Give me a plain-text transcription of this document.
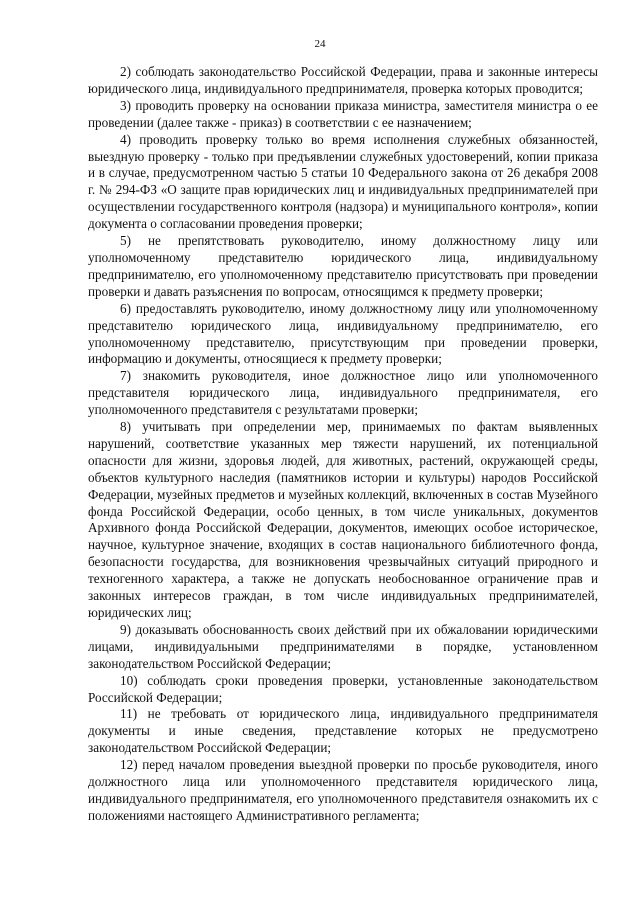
24

2) соблюдать законодательство Российской Федерации, права и законные интересы юридического лица, индивидуального предпринимателя, проверка которых проводится;

3) проводить проверку на основании приказа министра, заместителя министра о ее проведении (далее также - приказ) в соответствии с ее назначением;

4) проводить проверку только во время исполнения служебных обязанностей, выездную проверку - только при предъявлении служебных удостоверений, копии приказа и в случае, предусмотренном частью 5 статьи 10 Федерального закона от 26 декабря 2008 г. № 294-ФЗ «О защите прав юридических лиц и индивидуальных предпринимателей при осуществлении государственного контроля (надзора) и муниципального контроля», копии документа о согласовании проведения проверки;

5) не препятствовать руководителю, иному должностному лицу или уполномоченному представителю юридического лица, индивидуальному предпринимателю, его уполномоченному представителю присутствовать при проведении проверки и давать разъяснения по вопросам, относящимся к предмету проверки;

6) предоставлять руководителю, иному должностному лицу или уполномоченному представителю юридического лица, индивидуальному предпринимателю, его уполномоченному представителю, присутствующим при проведении проверки, информацию и документы, относящиеся к предмету проверки;

7) знакомить руководителя, иное должностное лицо или уполномоченного представителя юридического лица, индивидуального предпринимателя, его уполномоченного представителя с результатами проверки;

8) учитывать при определении мер, принимаемых по фактам выявленных нарушений, соответствие указанных мер тяжести нарушений, их потенциальной опасности для жизни, здоровья людей, для животных, растений, окружающей среды, объектов культурного наследия (памятников истории и культуры) народов Российской Федерации, музейных предметов и музейных коллекций, включенных в состав Музейного фонда Российской Федерации, особо ценных, в том числе уникальных, документов Архивного фонда Российской Федерации, документов, имеющих особое историческое, научное, культурное значение, входящих в состав национального библиотечного фонда, безопасности государства, для возникновения чрезвычайных ситуаций природного и техногенного характера, а также не допускать необоснованное ограничение прав и законных интересов граждан, в том числе индивидуальных предпринимателей, юридических лиц;

9) доказывать обоснованность своих действий при их обжаловании юридическими лицами, индивидуальными предпринимателями в порядке, установленном законодательством Российской Федерации;

10) соблюдать сроки проведения проверки, установленные законодательством Российской Федерации;

11) не требовать от юридического лица, индивидуального предпринимателя документы и иные сведения, представление которых не предусмотрено законодательством Российской Федерации;

12) перед началом проведения выездной проверки по просьбе руководителя, иного должностного лица или уполномоченного представителя юридического лица, индивидуального предпринимателя, его уполномоченного представителя ознакомить их с положениями настоящего Административного регламента;
